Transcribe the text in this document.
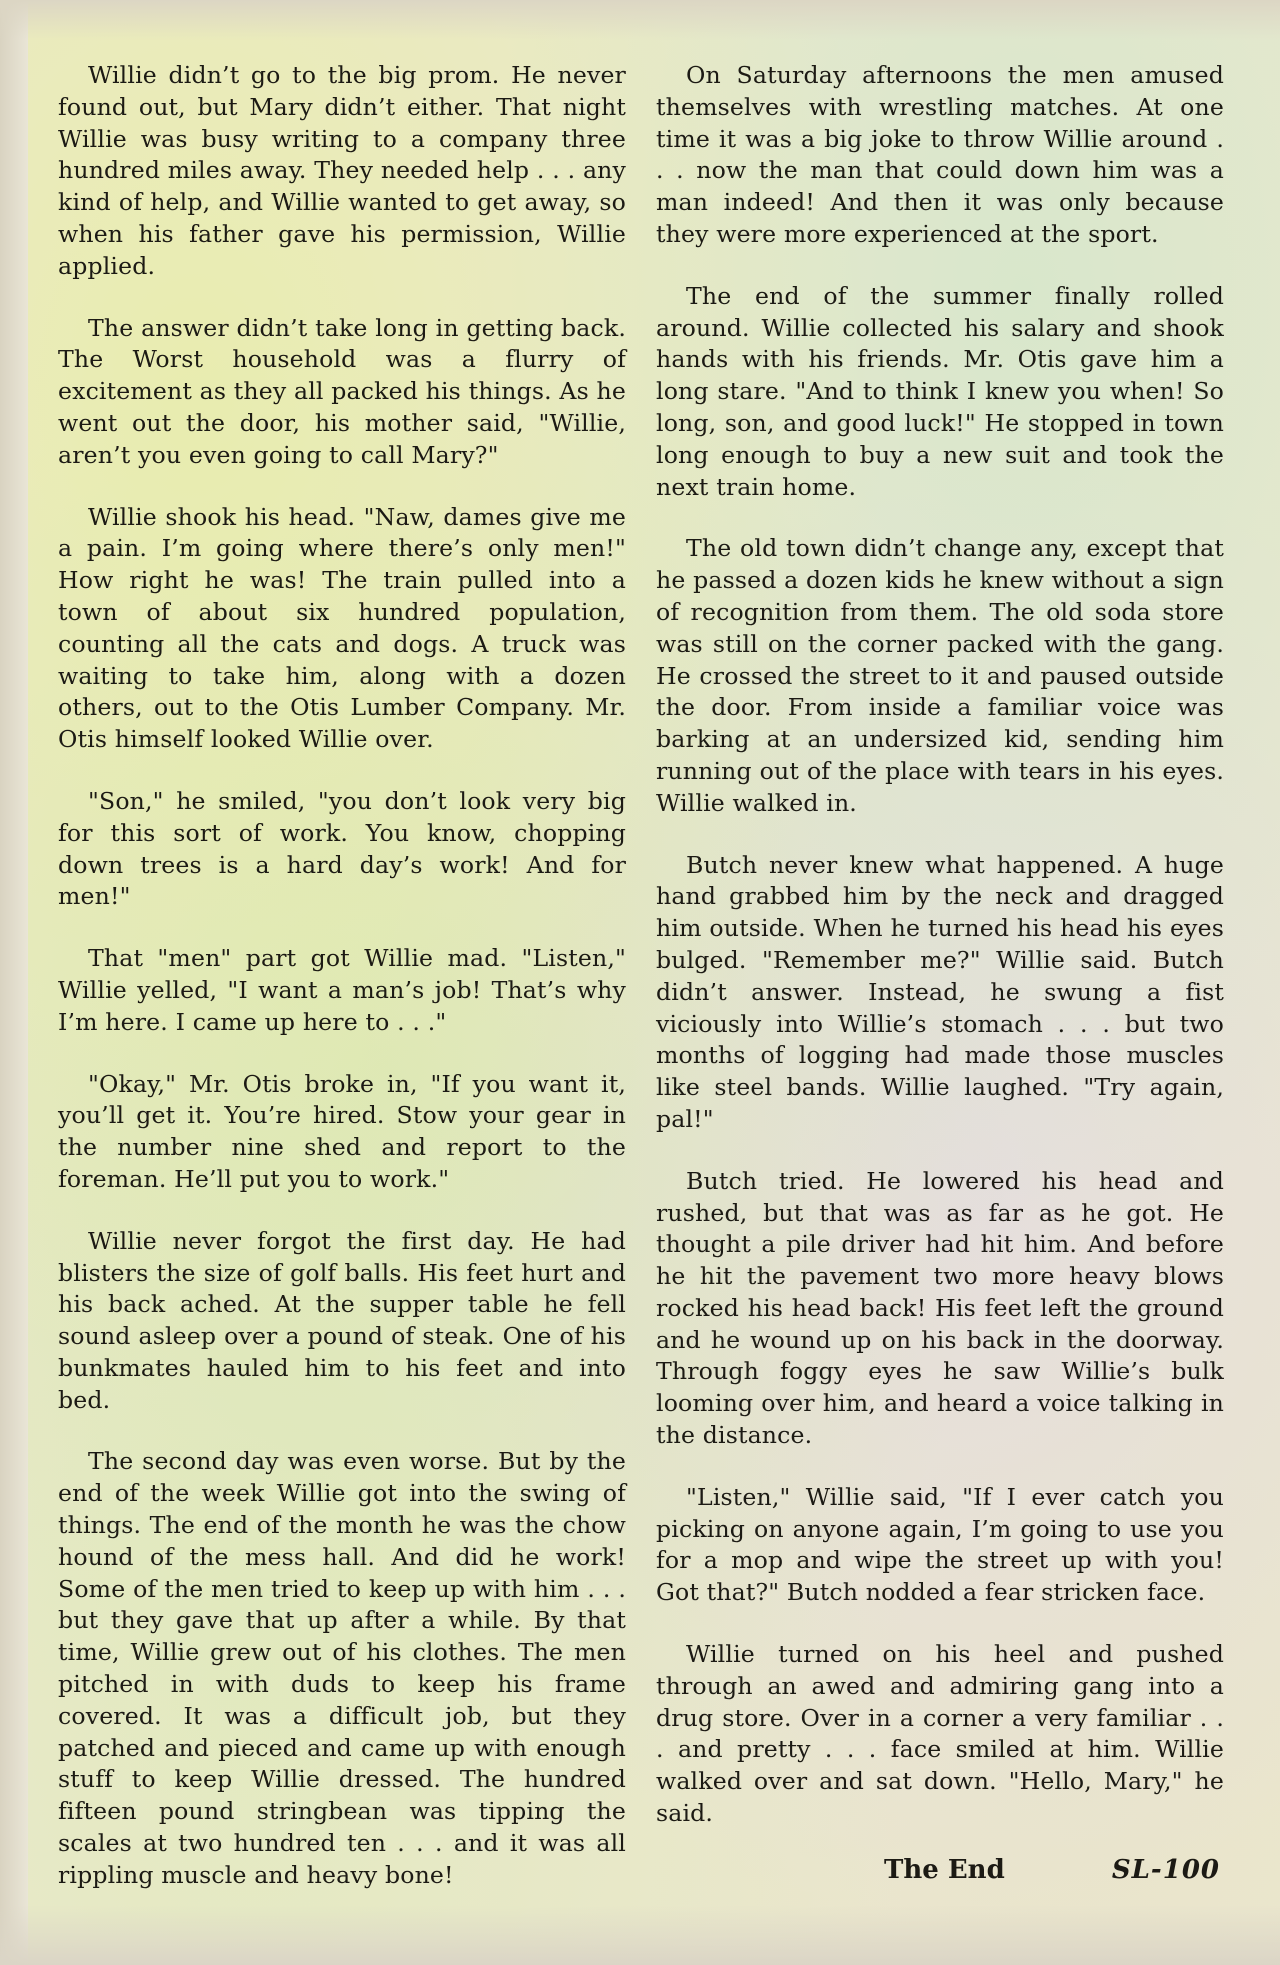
Willie didn’t go to the big prom. He never found out, but Mary didn’t either. That night Willie was busy writing to a company three hundred miles away. They needed help . . . any kind of help, and Willie wanted to get away, so when his father gave his permission, Willie applied.

The answer didn’t take long in getting back. The Worst household was a flurry of excitement as they all packed his things. As he went out the door, his mother said, "Willie, aren’t you even going to call Mary?"

Willie shook his head. "Naw, dames give me a pain. I’m going where there’s only men!" How right he was! The train pulled into a town of about six hundred population, counting all the cats and dogs. A truck was waiting to take him, along with a dozen others, out to the Otis Lumber Company. Mr. Otis himself looked Willie over.

"Son," he smiled, "you don’t look very big for this sort of work. You know, chopping down trees is a hard day’s work! And for men!"

That "men" part got Willie mad. "Listen," Willie yelled, "I want a man’s job! That’s why I’m here. I came up here to . . ."

"Okay," Mr. Otis broke in, "If you want it, you’ll get it. You’re hired. Stow your gear in the number nine shed and report to the foreman. He’ll put you to work."

Willie never forgot the first day. He had blisters the size of golf balls. His feet hurt and his back ached. At the supper table he fell sound asleep over a pound of steak. One of his bunkmates hauled him to his feet and into bed.

The second day was even worse. But by the end of the week Willie got into the swing of things. The end of the month he was the chow hound of the mess hall. And did he work! Some of the men tried to keep up with him . . . but they gave that up after a while. By that time, Willie grew out of his clothes. The men pitched in with duds to keep his frame covered. It was a difficult job, but they patched and pieced and came up with enough stuff to keep Willie dressed. The hundred fifteen pound stringbean was tipping the scales at two hundred ten . . . and it was all rippling muscle and heavy bone!

On Saturday afternoons the men amused themselves with wrestling matches. At one time it was a big joke to throw Willie around . . . now the man that could down him was a man indeed! And then it was only because they were more experienced at the sport.

The end of the summer finally rolled around. Willie collected his salary and shook hands with his friends. Mr. Otis gave him a long stare. "And to think I knew you when! So long, son, and good luck!" He stopped in town long enough to buy a new suit and took the next train home.

The old town didn’t change any, except that he passed a dozen kids he knew without a sign of recognition from them. The old soda store was still on the corner packed with the gang. He crossed the street to it and paused outside the door. From inside a familiar voice was barking at an undersized kid, sending him running out of the place with tears in his eyes. Willie walked in.

Butch never knew what happened. A huge hand grabbed him by the neck and dragged him outside. When he turned his head his eyes bulged. "Remember me?" Willie said. Butch didn’t answer. Instead, he swung a fist viciously into Willie’s stomach . . . but two months of logging had made those muscles like steel bands. Willie laughed. "Try again, pal!"

Butch tried. He lowered his head and rushed, but that was as far as he got. He thought a pile driver had hit him. And before he hit the pavement two more heavy blows rocked his head back! His feet left the ground and he wound up on his back in the doorway. Through foggy eyes he saw Willie’s bulk looming over him, and heard a voice talking in the distance.

"Listen," Willie said, "If I ever catch you picking on anyone again, I’m going to use you for a mop and wipe the street up with you! Got that?" Butch nodded a fear stricken face.

Willie turned on his heel and pushed through an awed and admiring gang into a drug store. Over in a corner a very familiar . . . and pretty . . . face smiled at him. Willie walked over and sat down. "Hello, Mary," he said.

The End	SL-100
